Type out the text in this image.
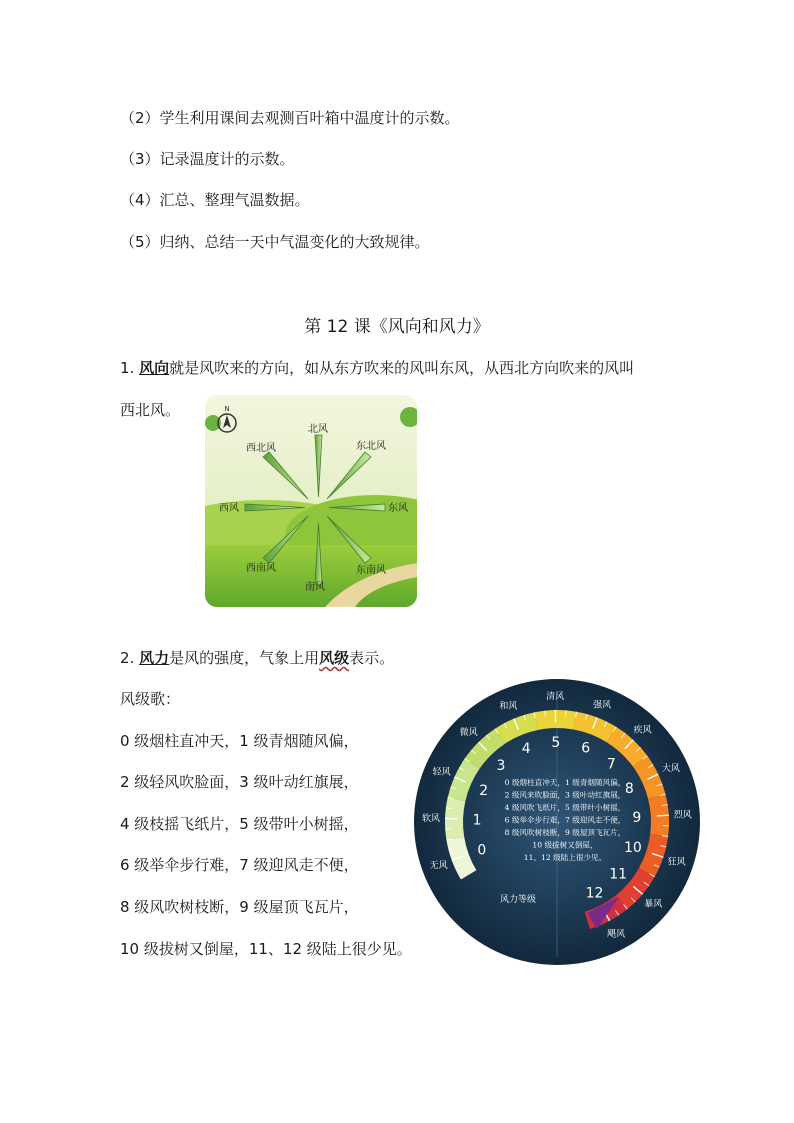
（2）学生利用课间去观测百叶箱中温度计的示数。
（3）记录温度计的示数。
（4）汇总、整理气温数据。
（5）归纳、总结一天中气温变化的大致规律。
第 12 课《风向和风力》
1. 风向就是风吹来的方向，如从东方吹来的风叫东风，从西北方向吹来的风叫
西北风。	N
北风
东北风
东风
东南风
南风
西南风
西风
西北风
2. 风力是风的强度，气象上用风级表示。
风级歌：
0 级烟柱直冲天，1 级青烟随风偏，
2 级轻风吹脸面，3 级叶动红旗展，
4 级枝摇飞纸片，5 级带叶小树摇，
6 级举伞步行难，7 级迎风走不便，
8 级风吹树枝断，9 级屋顶飞瓦片，
10 级拔树又倒屋，11、12 级陆上很少见。
无风
软风
轻风
微风
和风
清风
强风
疾风
大风
烈风
狂风
暴风
飓风
0
1
2
3
4 5 6
7
8
9
10
11
12
风力等级
0 级烟柱直冲天，1 级青烟随风偏，
2 级风来吹脸面，3 级叶动红旗展，
4 级风吹飞纸片，5 级带叶小树摇，
6 级举伞步行艰，7 级迎风走不便，
8 级风吹树枝断，9 级屋顶飞瓦片，
10 级拔树又倒屋，
11、12 级陆上很少见。
